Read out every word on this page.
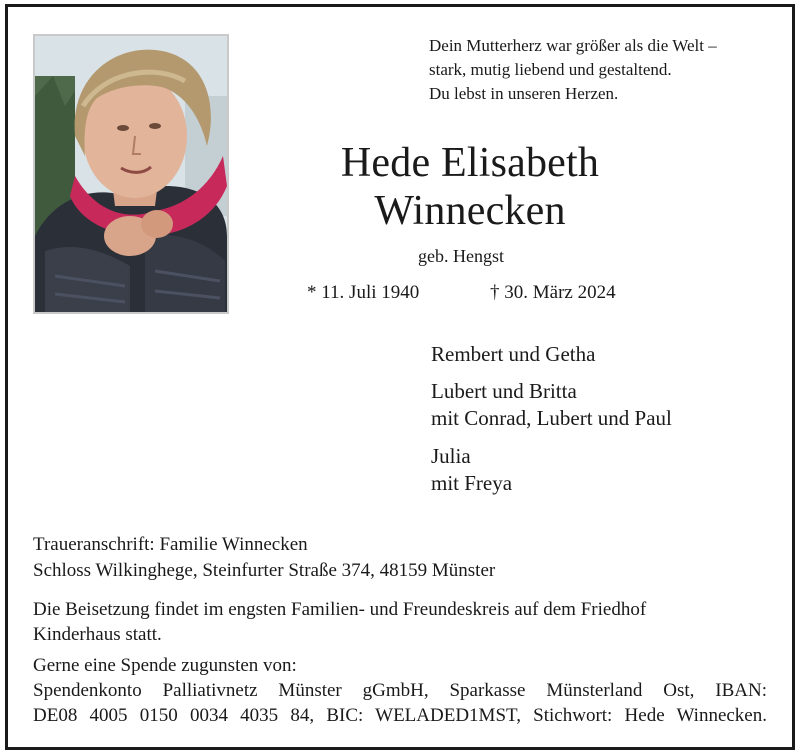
Dein Mutterherz war größer als die Welt –
stark, mutig liebend und gestaltend.
Du lebst in unseren Herzen.
Hede Elisabeth
Winnecken
geb. Hengst
* 11. Juli 1940	† 30. März 2024
Rembert und Getha
Lubert und Britta
mit Conrad, Lubert und Paul
Julia
mit Freya
Traueranschrift: Familie Winnecken
Schloss Wilkinghege, Steinfurter Straße 374, 48159 Münster
Die Beisetzung findet im engsten Familien- und Freundeskreis auf dem Friedhof
Kinderhaus statt.
Gerne eine Spende zugunsten von:
Spendenkonto Palliativnetz Münster gGmbH, Sparkasse Münsterland Ost, IBAN:
DE08 4005 0150 0034 4035 84, BIC: WELADED1MST, Stichwort: Hede Winnecken.
